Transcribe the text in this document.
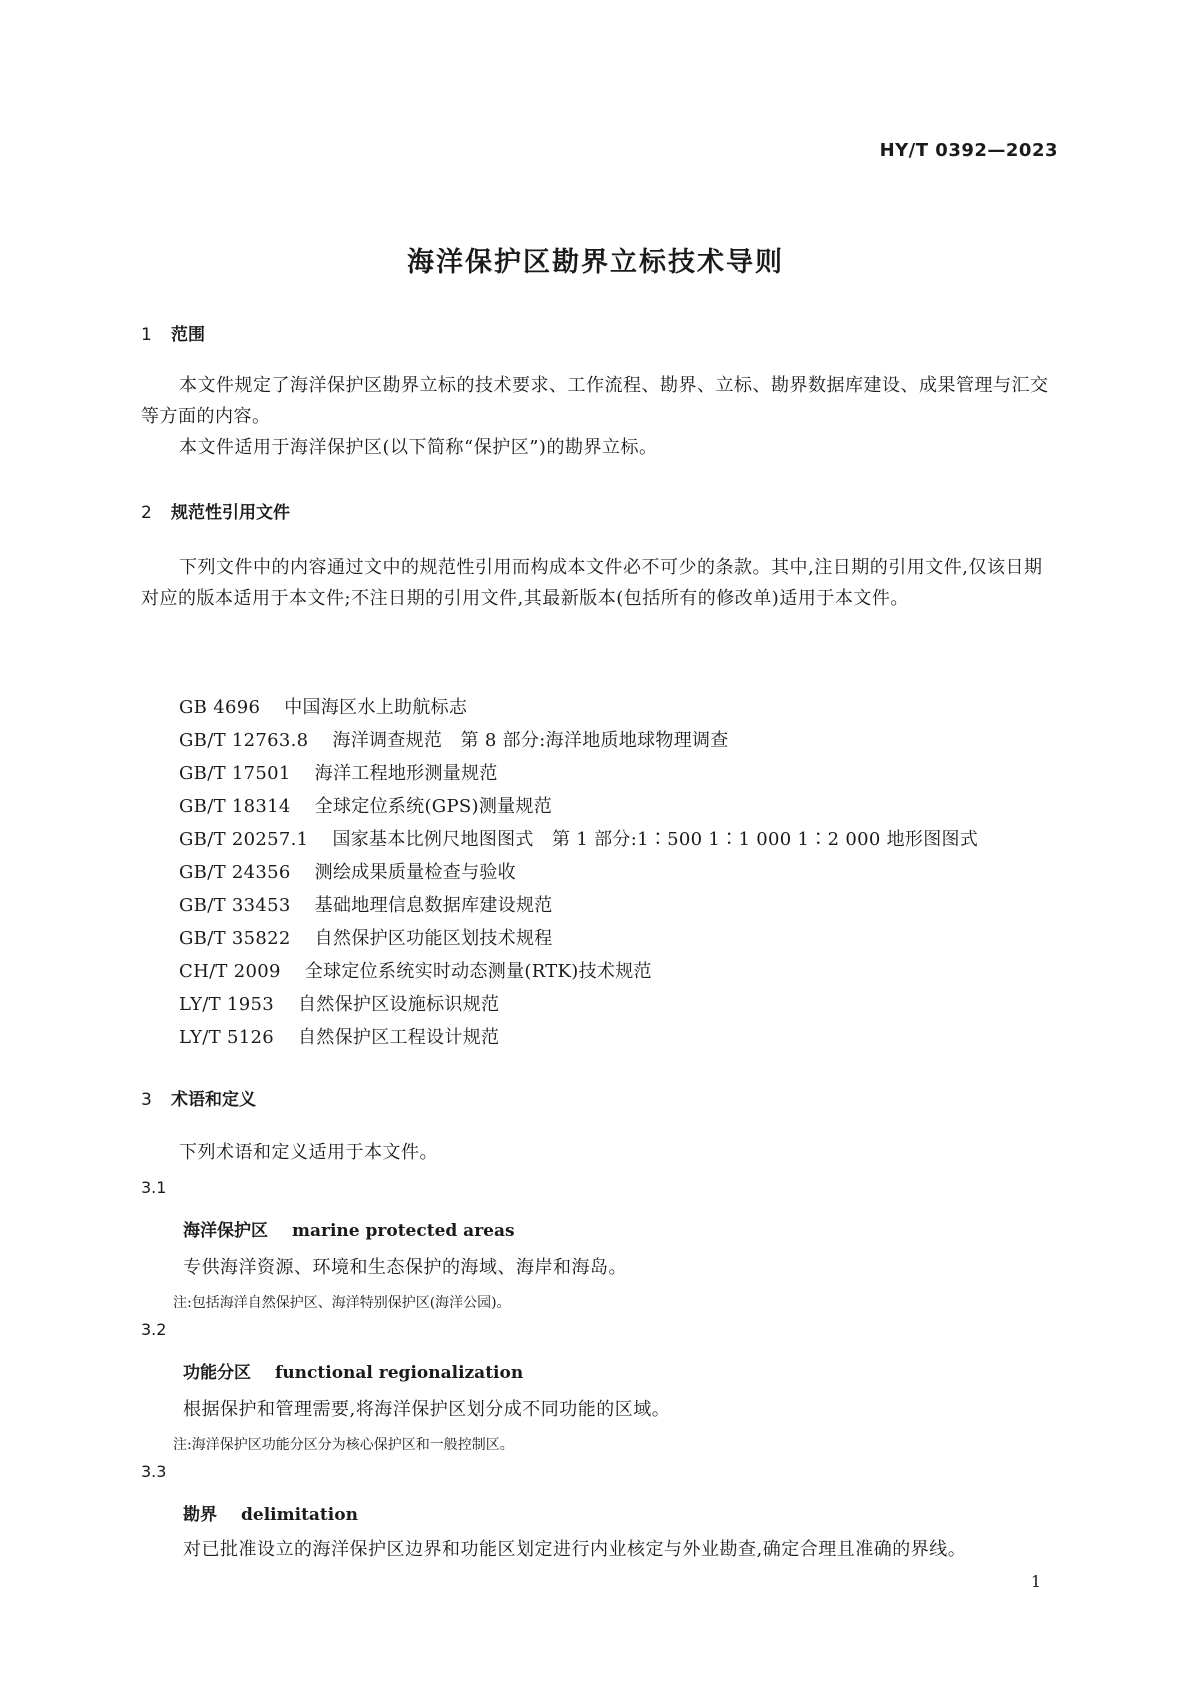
HY/T 0392—2023
海洋保护区勘界立标技术导则
1 范围
本文件规定了海洋保护区勘界立标的技术要求、工作流程、勘界、立标、勘界数据库建设、成果管理与汇交等方面的内容。
本文件适用于海洋保护区(以下简称“保护区”)的勘界立标。
2 规范性引用文件
下列文件中的内容通过文中的规范性引用而构成本文件必不可少的条款。其中,注日期的引用文件,仅该日期对应的版本适用于本文件;不注日期的引用文件,其最新版本(包括所有的修改单)适用于本文件。
GB 4696 中国海区水上助航标志
GB/T 12763.8 海洋调查规范　第 8 部分:海洋地质地球物理调查
GB/T 17501 海洋工程地形测量规范
GB/T 18314 全球定位系统(GPS)测量规范
GB/T 20257.1 国家基本比例尺地图图式　第 1 部分:1∶500 1∶1 000 1∶2 000 地形图图式
GB/T 24356 测绘成果质量检查与验收
GB/T 33453 基础地理信息数据库建设规范
GB/T 35822 自然保护区功能区划技术规程
CH/T 2009 全球定位系统实时动态测量(RTK)技术规范
LY/T 1953 自然保护区设施标识规范
LY/T 5126 自然保护区工程设计规范
3 术语和定义
下列术语和定义适用于本文件。
3.1
海洋保护区 marine protected areas
专供海洋资源、环境和生态保护的海域、海岸和海岛。
注:包括海洋自然保护区、海洋特别保护区(海洋公园)。
3.2
功能分区 functional regionalization
根据保护和管理需要,将海洋保护区划分成不同功能的区域。
注:海洋保护区功能分区分为核心保护区和一般控制区。
3.3
勘界 delimitation
对已批准设立的海洋保护区边界和功能区划定进行内业核定与外业勘查,确定合理且准确的界线。
1
